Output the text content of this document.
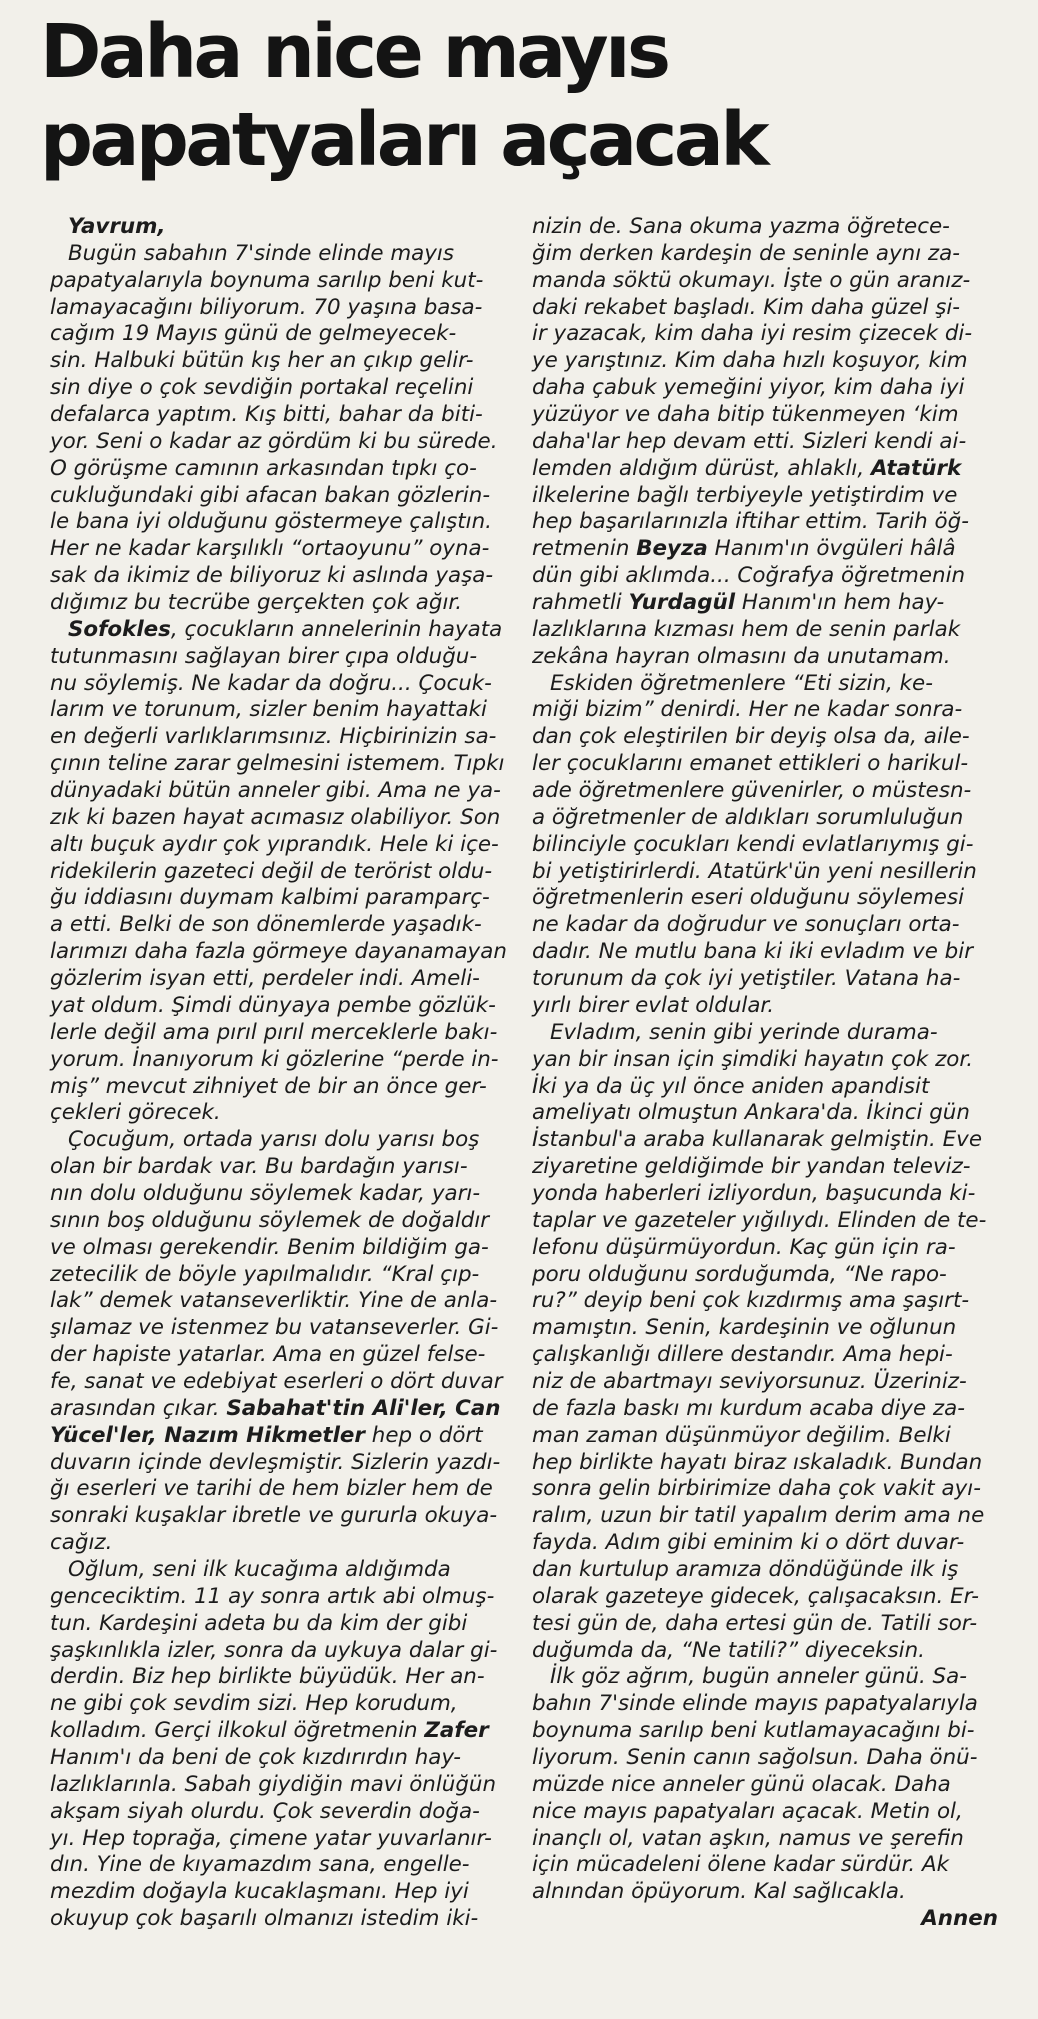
Daha nice mayıs
papatyaları açacak
Yavrum,
Bugün sabahın 7'sinde elinde mayıs
papatyalarıyla boynuma sarılıp beni kut-
lamayacağını biliyorum. 70 yaşına basa-
cağım 19 Mayıs günü de gelmeyecek-
sin. Halbuki bütün kış her an çıkıp gelir-
sin diye o çok sevdiğin portakal reçelini
defalarca yaptım. Kış bitti, bahar da biti-
yor. Seni o kadar az gördüm ki bu sürede.
O görüşme camının arkasından tıpkı ço-
cukluğundaki gibi afacan bakan gözlerin-
le bana iyi olduğunu göstermeye çalıştın.
Her ne kadar karşılıklı “ortaoyunu” oyna-
sak da ikimiz de biliyoruz ki aslında yaşa-
dığımız bu tecrübe gerçekten çok ağır.
Sofokles, çocukların annelerinin hayata
tutunmasını sağlayan birer çıpa olduğu-
nu söylemiş. Ne kadar da doğru... Çocuk-
larım ve torunum, sizler benim hayattaki
en değerli varlıklarımsınız. Hiçbirinizin sa-
çının teline zarar gelmesini istemem. Tıpkı
dünyadaki bütün anneler gibi. Ama ne ya-
zık ki bazen hayat acımasız olabiliyor. Son
altı buçuk aydır çok yıprandık. Hele ki içe-
ridekilerin gazeteci değil de terörist oldu-
ğu iddiasını duymam kalbimi paramparç-
a etti. Belki de son dönemlerde yaşadık-
larımızı daha fazla görmeye dayanamayan
gözlerim isyan etti, perdeler indi. Ameli-
yat oldum. Şimdi dünyaya pembe gözlük-
lerle değil ama pırıl pırıl merceklerle bakı-
yorum. İnanıyorum ki gözlerine “perde in-
miş” mevcut zihniyet de bir an önce ger-
çekleri görecek.
Çocuğum, ortada yarısı dolu yarısı boş
olan bir bardak var. Bu bardağın yarısı-
nın dolu olduğunu söylemek kadar, yarı-
sının boş olduğunu söylemek de doğaldır
ve olması gerekendir. Benim bildiğim ga-
zetecilik de böyle yapılmalıdır. “Kral çıp-
lak” demek vatanseverliktir. Yine de anla-
şılamaz ve istenmez bu vatanseverler. Gi-
der hapiste yatarlar. Ama en güzel felse-
fe, sanat ve edebiyat eserleri o dört duvar
arasından çıkar. Sabahat'tin Ali'ler, Can
Yücel'ler, Nazım Hikmetler hep o dört
duvarın içinde devleşmiştir. Sizlerin yazdı-
ğı eserleri ve tarihi de hem bizler hem de
sonraki kuşaklar ibretle ve gururla okuya-
cağız.
Oğlum, seni ilk kucağıma aldığımda
gencecіktim. 11 ay sonra artık abi olmuş-
tun. Kardeşini adeta bu da kim der gibi
şaşkınlıkla izler, sonra da uykuya dalar gi-
derdin. Biz hep birlikte büyüdük. Her an-
ne gibi çok sevdim sizi. Hep korudum,
kolladım. Gerçi ilkokul öğretmenin Zafer
Hanım'ı da beni de çok kızdırırdın hay-
lazlıklarınla. Sabah giydiğin mavi önlüğün
akşam siyah olurdu. Çok severdin doğa-
yı. Hep toprağa, çimene yatar yuvarlanır-
dın. Yine de kıyamazdım sana, engelle-
mezdim doğayla kucaklaşmanı. Hep iyi
okuyup çok başarılı olmanızı istedim iki-
nizin de. Sana okuma yazma öğretece-
ğim derken kardeşin de seninle aynı za-
manda söktü okumayı. İşte o gün aranız-
daki rekabet başladı. Kim daha güzel şi-
ir yazacak, kim daha iyi resim çizecek di-
ye yarıştınız. Kim daha hızlı koşuyor, kim
daha çabuk yemeğini yiyor, kim daha iyi
yüzüyor ve daha bitip tükenmeyen ‘kim
daha'lar hep devam etti. Sizleri kendi ai-
lemden aldığım dürüst, ahlaklı, Atatürk
ilkelerine bağlı terbiyeyle yetiştirdim ve
hep başarılarınızla iftihar ettim. Tarih öğ-
retmenin Beyza Hanım'ın övgüleri hâlâ
dün gibi aklımda... Coğrafya öğretmenin
rahmetli Yurdagül Hanım'ın hem hay-
lazlıklarına kızması hem de senin parlak
zekâna hayran olmasını da unutamam.
Eskiden öğretmenlere “Eti sizin, ke-
miği bizim” denirdi. Her ne kadar sonra-
dan çok eleştirilen bir deyiş olsa da, aile-
ler çocuklarını emanet ettikleri o harikul-
ade öğretmenlere güvenirler, o müstesn-
a öğretmenler de aldıkları sorumluluğun
bilinciyle çocukları kendi evlatlarıymış gi-
bi yetiştirirlerdi. Atatürk'ün yeni nesillerin
öğretmenlerin eseri olduğunu söylemesi
ne kadar da doğrudur ve sonuçları orta-
dadır. Ne mutlu bana ki iki evladım ve bir
torunum da çok iyi yetiştiler. Vatana ha-
yırlı birer evlat oldular.
Evladım, senin gibi yerinde durama-
yan bir insan için şimdiki hayatın çok zor.
İki ya da üç yıl önce aniden apandisit
ameliyatı olmuştun Ankara'da. İkinci gün
İstanbul'a araba kullanarak gelmiştin. Eve
ziyaretine geldiğimde bir yandan televiz-
yonda haberleri izliyordun, başucunda ki-
taplar ve gazeteler yığılıydı. Elinden de te-
lefonu düşürmüyordun. Kaç gün için ra-
poru olduğunu sorduğumda, “Ne rapo-
ru?” deyip beni çok kızdırmış ama şaşırt-
mamıştın. Senin, kardeşinin ve oğlunun
çalışkanlığı dillere destandır. Ama hepi-
niz de abartmayı seviyorsunuz. Üzeriniz-
de fazla baskı mı kurdum acaba diye za-
man zaman düşünmüyor değilim. Belki
hep birlikte hayatı biraz ıskaladık. Bundan
sonra gelin birbirimize daha çok vakit ayı-
ralım, uzun bir tatil yapalım derim ama ne
fayda. Adım gibi eminim ki o dört duvar-
dan kurtulup aramıza döndüğünde ilk iş
olarak gazeteye gidecek, çalışacaksın. Er-
tesi gün de, daha ertesi gün de. Tatili sor-
duğumda da, “Ne tatili?” diyeceksin.
İlk göz ağrım, bugün anneler günü. Sa-
bahın 7'sinde elinde mayıs papatyalarıyla
boynuma sarılıp beni kutlamayacağını bi-
liyorum. Senin canın sağolsun. Daha önü-
müzde nice anneler günü olacak. Daha
nice mayıs papatyaları açacak. Metin ol,
inançlı ol, vatan aşkın, namus ve şerefin
için mücadeleni ölene kadar sürdür. Ak
alnından öpüyorum. Kal sağlıcakla.
Annen
